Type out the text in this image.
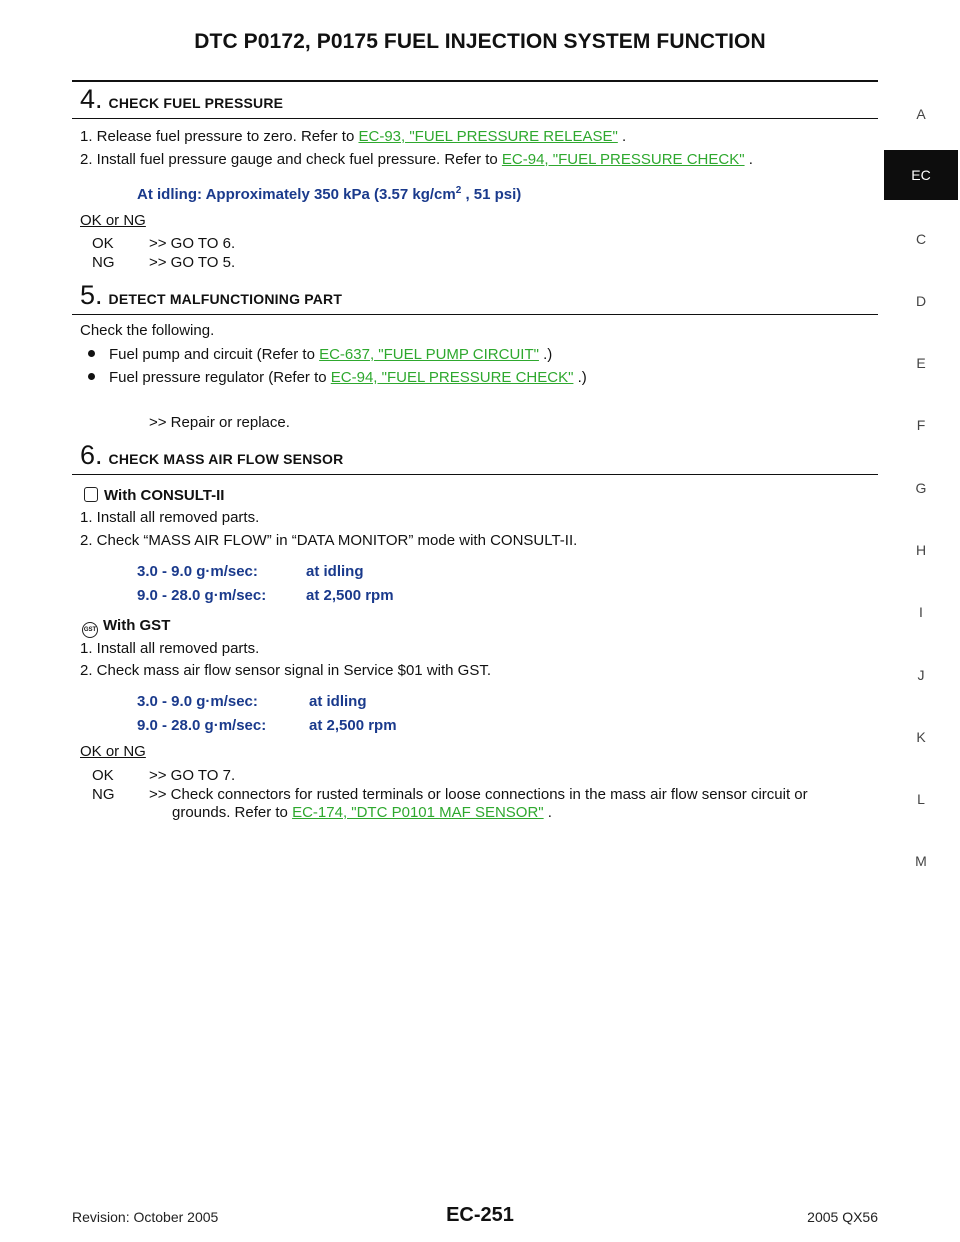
DTC P0172, P0175 FUEL INJECTION SYSTEM FUNCTION
A
EC
C
D
E
F
G
H
I
J
K
L
M
4. CHECK FUEL PRESSURE
1. Release fuel pressure to zero. Refer to EC-93, "FUEL PRESSURE RELEASE" .
2. Install fuel pressure gauge and check fuel pressure. Refer to EC-94, "FUEL PRESSURE CHECK" .
At idling: Approximately 350 kPa (3.57 $kg/cm^2$ , 51 psi)
OK or NG
OK >> GO TO 6.
NG >> GO TO 5.
5. DETECT MALFUNCTIONING PART
Check the following.
Fuel pump and circuit (Refer to EC-637, "FUEL PUMP CIRCUIT" .)
Fuel pressure regulator (Refer to EC-94, "FUEL PRESSURE CHECK" .)
>> Repair or replace.
6. CHECK MASS AIR FLOW SENSOR
With CONSULT-II
1. Install all removed parts.
2. Check “MASS AIR FLOW” in “DATA MONITOR” mode with CONSULT-II.
3.0 - 9.0 g·m/sec:	at idling
9.0 - 28.0 g·m/sec:	at 2,500 rpm
GST With GST
1. Install all removed parts.
2. Check mass air flow sensor signal in Service $01 with GST.
3.0 - 9.0 g·m/sec:	at idling
9.0 - 28.0 g·m/sec:	at 2,500 rpm
OK or NG
OK >> GO TO 7.
NG >> Check connectors for rusted terminals or loose connections in the mass air flow sensor circuit or
grounds. Refer to EC-174, "DTC P0101 MAF SENSOR" .
Revision: October 2005	EC-251	2005 QX56
